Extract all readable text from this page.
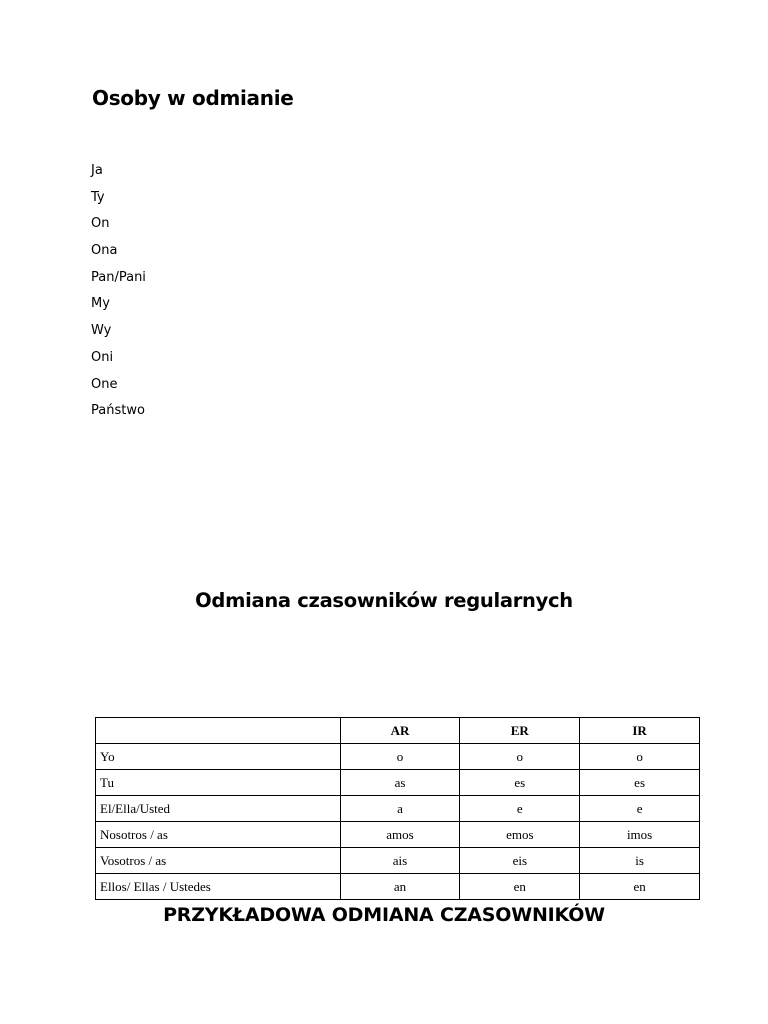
Osoby w odmianie
Ja
Ty
On
Ona
Pan/Pani
My
Wy
Oni
One
Państwo
Odmiana czasowników regularnych
	AR	ER	IR
Yo	o	o	o
Tu	as	es	es
El/Ella/Usted	a	e	e
Nosotros / as	amos	emos	imos
Vosotros / as	ais	eis	is
Ellos/ Ellas / Ustedes	an	en	en
PRZYKŁADOWA ODMIANA CZASOWNIKÓW
